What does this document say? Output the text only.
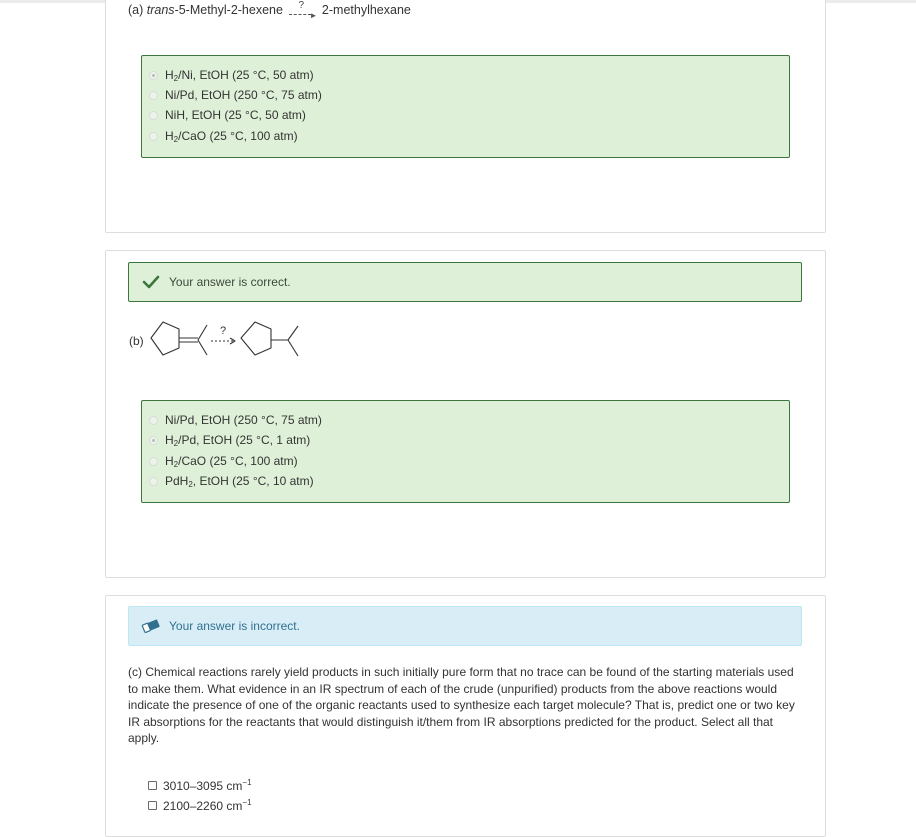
(a) trans-5-Methyl-2-hexene ?
► 2-methylhexane
$H_2/Ni$, EtOH (25 °C, 50 atm)
Ni/Pd, EtOH (250 °C, 75 atm)
NiH, EtOH (25 °C, 50 atm)
$H_2$/CaO (25 °C, 100 atm)
Your answer is correct.
(b)
?
Ni/Pd, EtOH (250 °C, 75 atm)
$H_2/Pd$, EtOH (25 °C, 1 atm)
$H_2$/CaO (25 °C, 100 atm)
PdH$_2$, EtOH (25 °C, 10 atm)
Your answer is incorrect.
(c) Chemical reactions rarely yield products in such initially pure form that no trace can be found of the starting materials used to make them. What evidence in an IR spectrum of each of the crude (unpurified) products from the above reactions would indicate the presence of one of the organic reactants used to synthesize each target molecule? That is, predict one or two key IR absorptions for the reactants that would distinguish it/them from IR absorptions predicted for the product. Select all that apply.
3010–3095 $cm^{-1}$
2100–2260 $cm^{-1}$
